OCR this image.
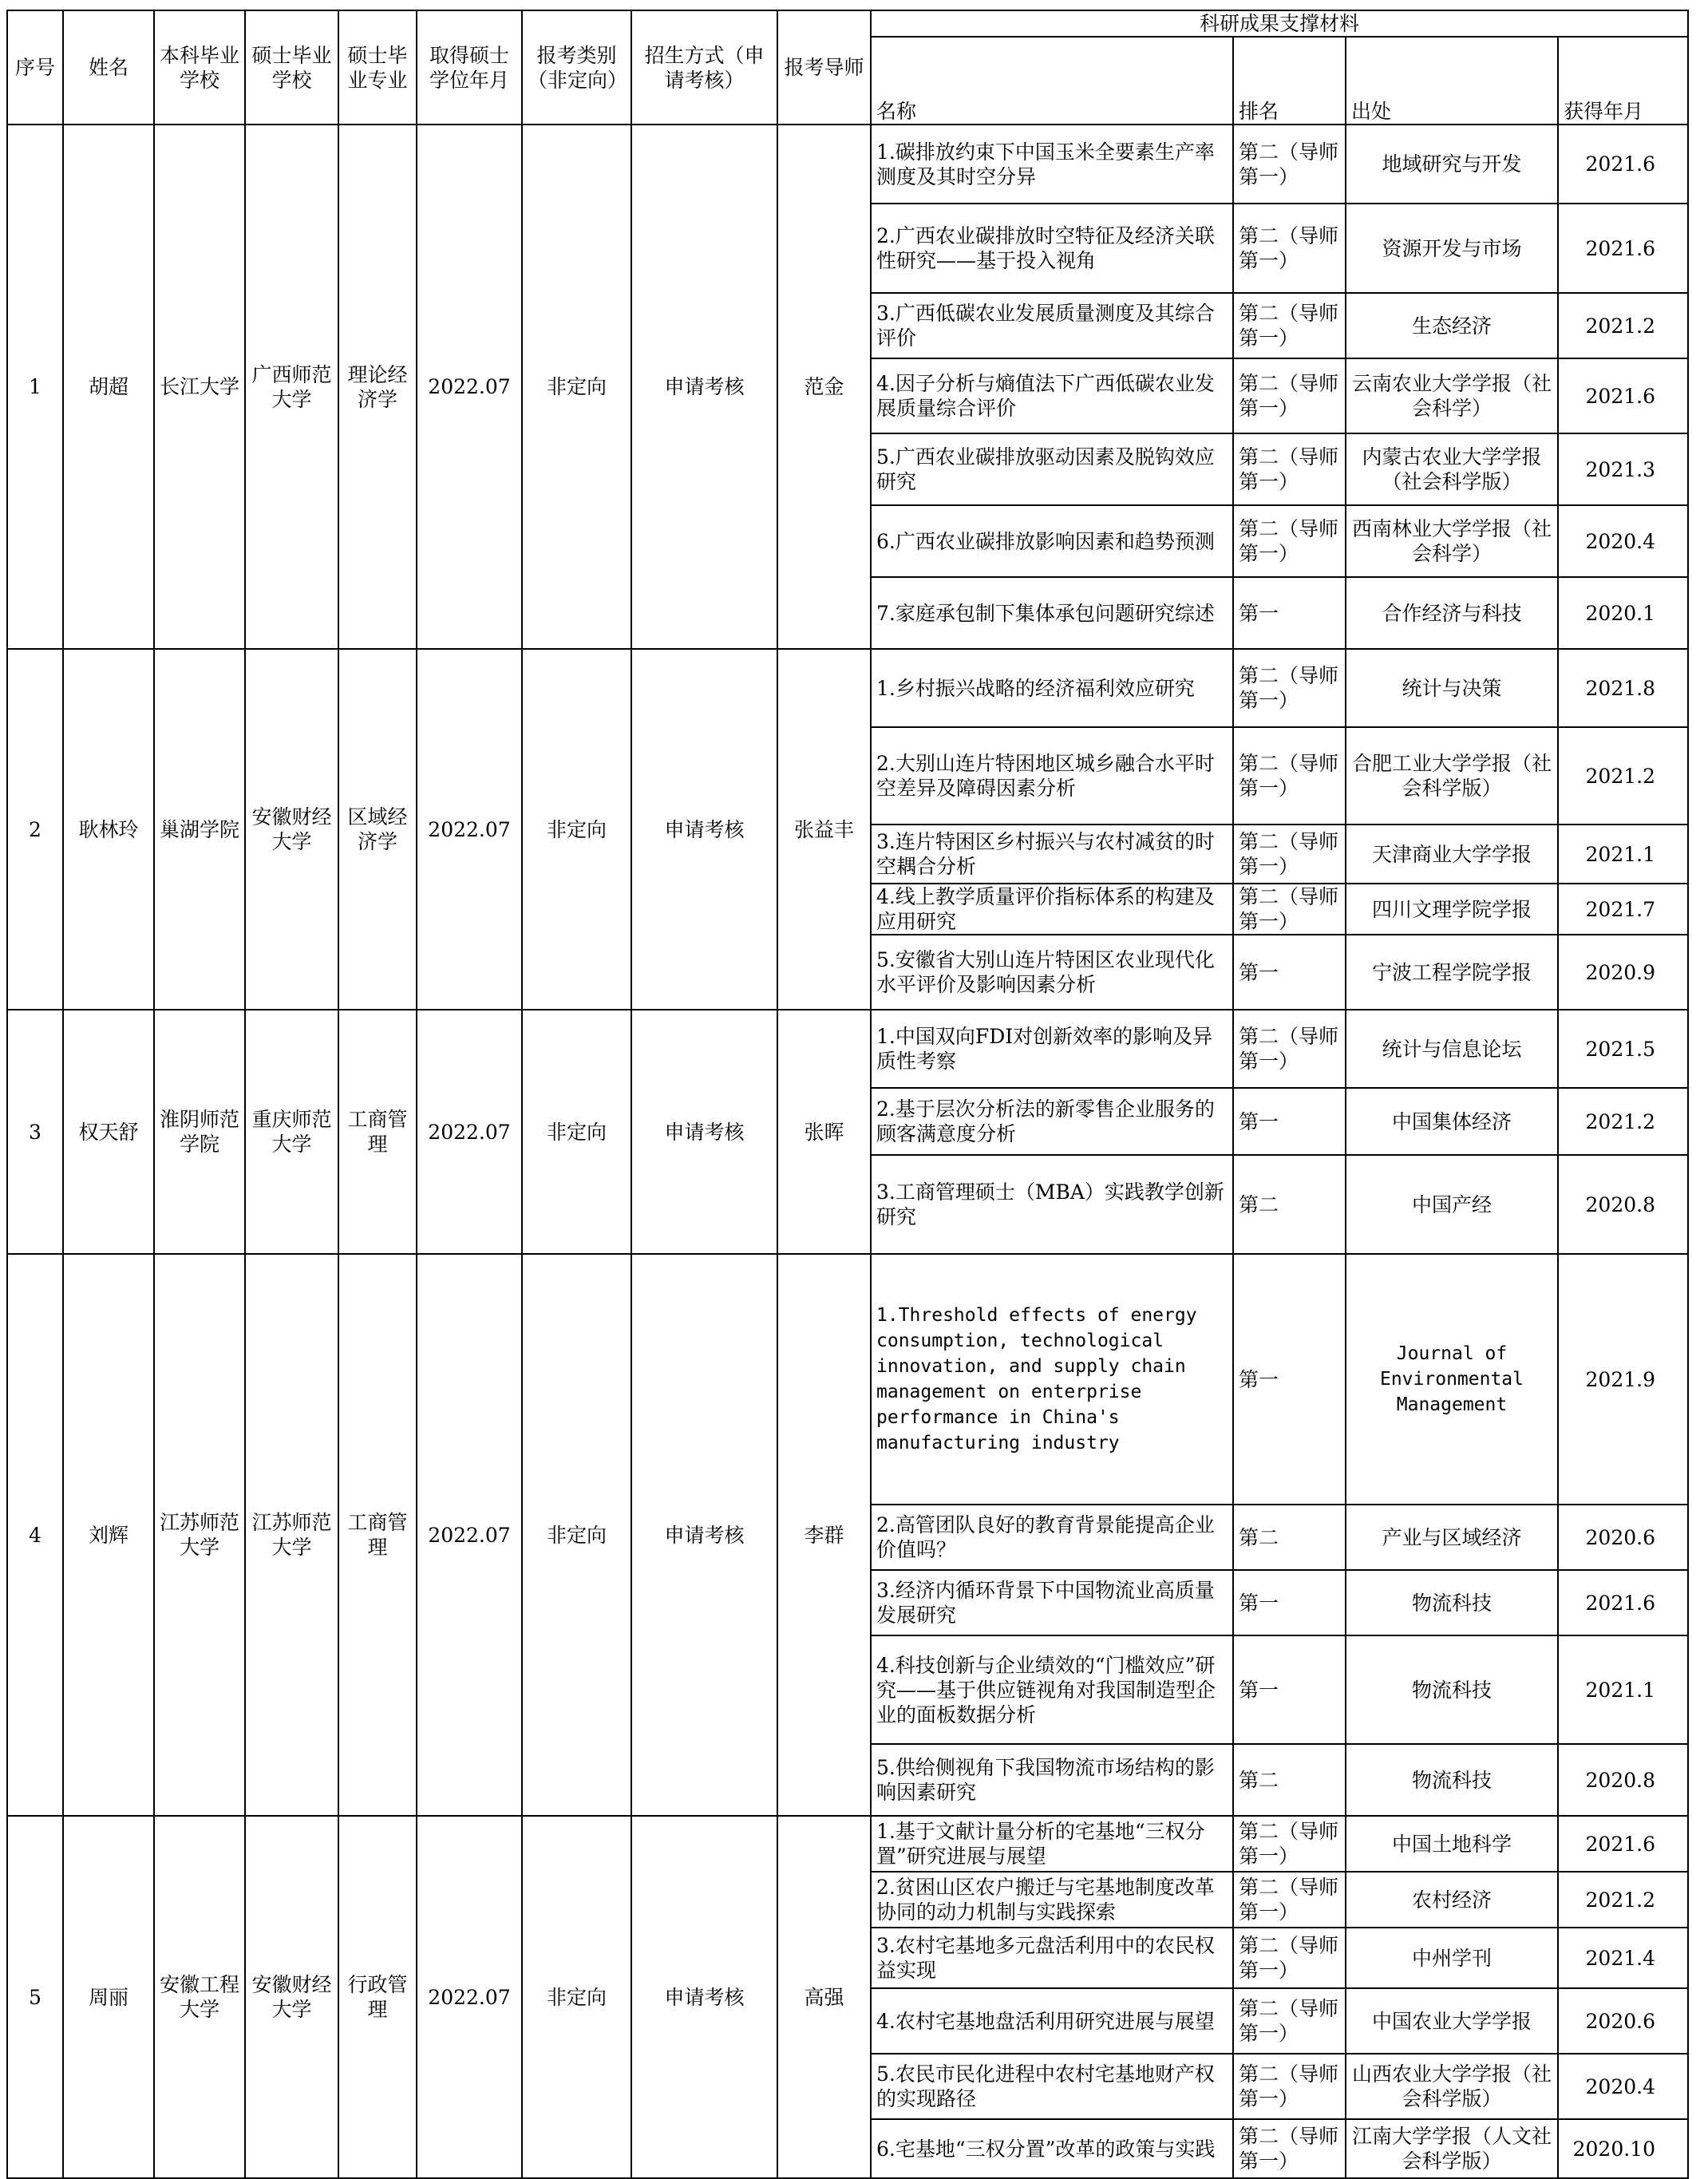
序号	姓名	本科毕业学校	硕士毕业学校	硕士毕业专业	取得硕士学位年月	报考类别（非定向）	招生方式（申请考核）	报考导师	科研成果支撑材料			
									名称	排名	出处	获得年月
1	胡超	长江大学	广西师范大学	理论经济学	2022.07	非定向	申请考核	范金	1.碳排放约束下中国玉米全要素生产率测度及其时空分异	第二（导师第一）	地域研究与开发	2021.6
									2.广西农业碳排放时空特征及经济关联性研究——基于投入视角	第二（导师第一）	资源开发与市场	2021.6
									3.广西低碳农业发展质量测度及其综合评价	第二（导师第一）	生态经济	2021.2
									4.因子分析与熵值法下广西低碳农业发展质量综合评价	第二（导师第一）	云南农业大学学报（社会科学）	2021.6
									5.广西农业碳排放驱动因素及脱钩效应研究	第二（导师第一）	内蒙古农业大学学报（社会科学版）	2021.3
									6.广西农业碳排放影响因素和趋势预测	第二（导师第一）	西南林业大学学报（社会科学）	2020.4
									7.家庭承包制下集体承包问题研究综述	第一	合作经济与科技	2020.1
2	耿林玲	巢湖学院	安徽财经大学	区域经济学	2022.07	非定向	申请考核	张益丰	1.乡村振兴战略的经济福利效应研究	第二（导师第一）	统计与决策	2021.8
									2.大别山连片特困地区城乡融合水平时空差异及障碍因素分析	第二（导师第一）	合肥工业大学学报（社会科学版）	2021.2
									3.连片特困区乡村振兴与农村减贫的时空耦合分析	第二（导师第一）	天津商业大学学报	2021.1
									4.线上教学质量评价指标体系的构建及应用研究	第二（导师第一）	四川文理学院学报	2021.7
									5.安徽省大别山连片特困区农业现代化水平评价及影响因素分析	第一	宁波工程学院学报	2020.9
3	权天舒	淮阴师范学院	重庆师范大学	工商管理	2022.07	非定向	申请考核	张晖	1.中国双向FDI对创新效率的影响及异质性考察	第二（导师第一）	统计与信息论坛	2021.5
									2.基于层次分析法的新零售企业服务的顾客满意度分析	第一	中国集体经济	2021.2
									3.工商管理硕士（MBA）实践教学创新研究	第二	中国产经	2020.8
4	刘辉	江苏师范大学	江苏师范大学	工商管理	2022.07	非定向	申请考核	李群	1.Threshold effects of energy consumption, technological innovation, and supply chain management on enterprise performance in China's manufacturing industry	第一	Journal of Environmental Management	2021.9
									2.高管团队良好的教育背景能提高企业价值吗？	第二	产业与区域经济	2020.6
									3.经济内循环背景下中国物流业高质量发展研究	第一	物流科技	2021.6
									4.科技创新与企业绩效的“门槛效应”研究——基于供应链视角对我国制造型企业的面板数据分析	第一	物流科技	2021.1
									5.供给侧视角下我国物流市场结构的影响因素研究	第二	物流科技	2020.8
5	周丽	安徽工程大学	安徽财经大学	行政管理	2022.07	非定向	申请考核	高强	1.基于文献计量分析的宅基地“三权分置”研究进展与展望	第二（导师第一）	中国土地科学	2021.6
									2.贫困山区农户搬迁与宅基地制度改革协同的动力机制与实践探索	第二（导师第一）	农村经济	2021.2
									3.农村宅基地多元盘活利用中的农民权益实现	第二（导师第一）	中州学刊	2021.4
									4.农村宅基地盘活利用研究进展与展望	第二（导师第一）	中国农业大学学报	2020.6
									5.农民市民化进程中农村宅基地财产权的实现路径	第二（导师第一）	山西农业大学学报（社会科学版）	2020.4
									6.宅基地“三权分置”改革的政策与实践	第二（导师第一）	江南大学学报（人文社会科学版）	2020.10
